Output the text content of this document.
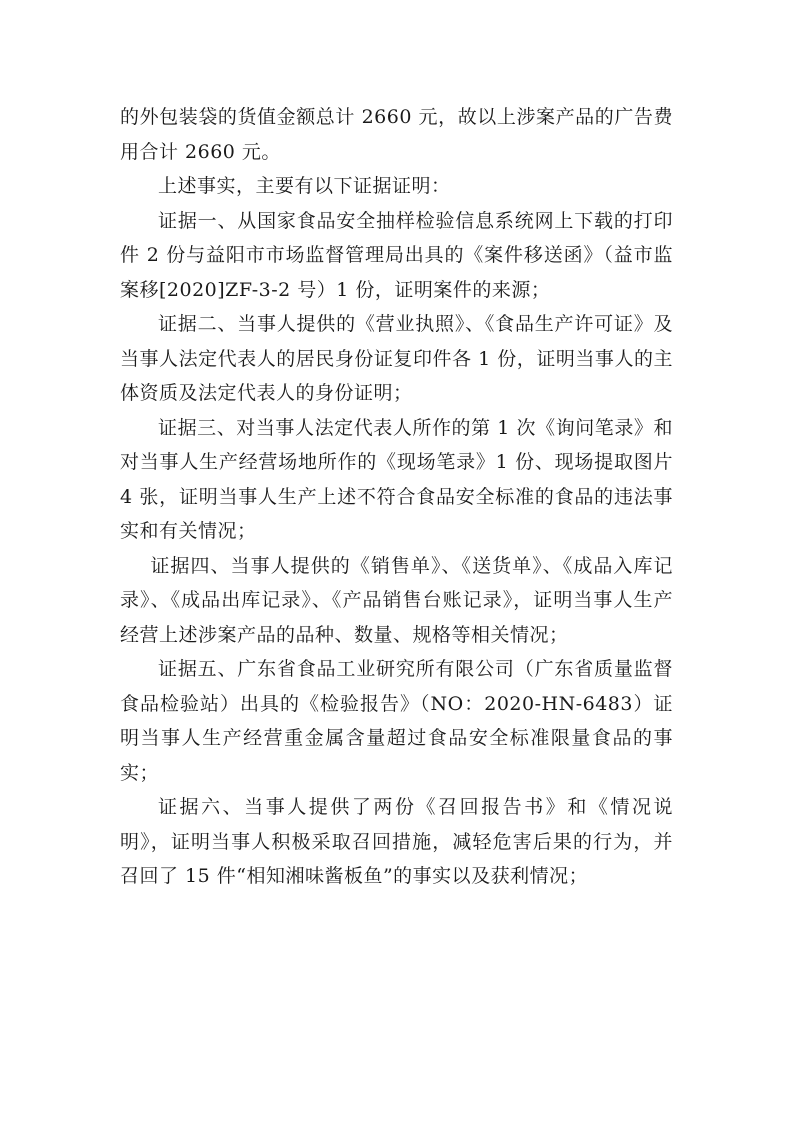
的外包装袋的货值金额总计 2660 元，故以上涉案产品的广告费用合计 2660 元。

上述事实，主要有以下证据证明：

证据一、从国家食品安全抽样检验信息系统网上下载的打印件 2 份与益阳市市场监督管理局出具的《案件移送函》（益市监案移[2020]ZF-3-2 号）1 份，证明案件的来源；

证据二、当事人提供的《营业执照》、《食品生产许可证》及当事人法定代表人的居民身份证复印件各 1 份，证明当事人的主体资质及法定代表人的身份证明；

证据三、对当事人法定代表人所作的第 1 次《询问笔录》和对当事人生产经营场地所作的《现场笔录》1 份、现场提取图片 4 张，证明当事人生产上述不符合食品安全标准的食品的违法事实和有关情况；

证据四、当事人提供的《销售单》、《送货单》、《成品入库记录》、《成品出库记录》、《产品销售台账记录》，证明当事人生产经营上述涉案产品的品种、数量、规格等相关情况；

证据五、广东省食品工业研究所有限公司（广东省质量监督食品检验站）出具的《检验报告》（NO：2020-HN-6483）证明当事人生产经营重金属含量超过食品安全标准限量食品的事实；

证据六、当事人提供了两份《召回报告书》和《情况说明》，证明当事人积极采取召回措施，减轻危害后果的行为，并召回了 15 件“相知湘味酱板鱼”的事实以及获利情况；
